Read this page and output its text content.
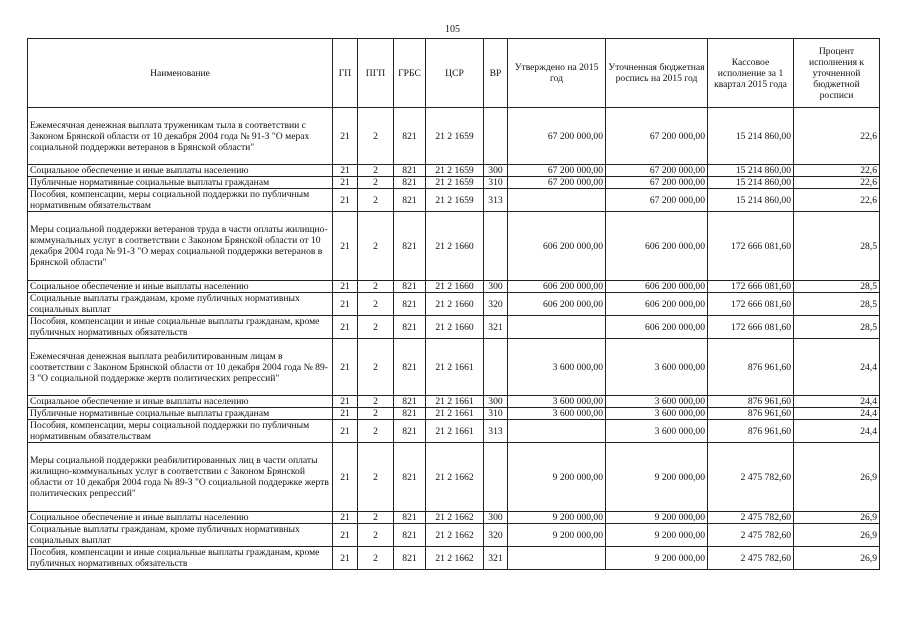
105
Наименование	ГП	ПГП	ГРБС	ЦСР	ВР	Утверждено на 2015 год	Уточненная бюджетная роспись на 2015 год	Кассовое исполнение за 1 квартал 2015 года	Процент исполнения к уточненной бюджетной росписи
Ежемесячная денежная выплата труженикам тыла в соответствии с Законом Брянской области от 10 декабря 2004 года № 91-З "О мерах социальной поддержки ветеранов в Брянской области"	21	2	821	21 2 1659		67 200 000,00	67 200 000,00	15 214 860,00	22,6
Социальное обеспечение и иные выплаты населению	21	2	821	21 2 1659	300	67 200 000,00	67 200 000,00	15 214 860,00	22,6
Публичные нормативные социальные выплаты гражданам	21	2	821	21 2 1659	310	67 200 000,00	67 200 000,00	15 214 860,00	22,6
Пособия, компенсации, меры социальной поддержки по публичным нормативным обязательствам	21	2	821	21 2 1659	313		67 200 000,00	15 214 860,00	22,6
Меры социальной поддержки ветеранов труда в части оплаты жилищно-коммунальных услуг в соответствии с Законом Брянской области от 10 декабря 2004 года № 91-З "О мерах социальной поддержки ветеранов в Брянской области"	21	2	821	21 2 1660		606 200 000,00	606 200 000,00	172 666 081,60	28,5
Социальное обеспечение и иные выплаты населению	21	2	821	21 2 1660	300	606 200 000,00	606 200 000,00	172 666 081,60	28,5
Социальные выплаты гражданам, кроме публичных нормативных социальных выплат	21	2	821	21 2 1660	320	606 200 000,00	606 200 000,00	172 666 081,60	28,5
Пособия, компенсации и иные социальные выплаты гражданам, кроме публичных нормативных обязательств	21	2	821	21 2 1660	321		606 200 000,00	172 666 081,60	28,5
Ежемесячная денежная выплата реабилитированным лицам в соответствии с Законом Брянской области от 10 декабря 2004 года № 89-З "О социальной поддержке жертв политических репрессий"	21	2	821	21 2 1661		3 600 000,00	3 600 000,00	876 961,60	24,4
Социальное обеспечение и иные выплаты населению	21	2	821	21 2 1661	300	3 600 000,00	3 600 000,00	876 961,60	24,4
Публичные нормативные социальные выплаты гражданам	21	2	821	21 2 1661	310	3 600 000,00	3 600 000,00	876 961,60	24,4
Пособия, компенсации, меры социальной поддержки по публичным нормативным обязательствам	21	2	821	21 2 1661	313		3 600 000,00	876 961,60	24,4
Меры социальной поддержки реабилитированных лиц в части оплаты жилищно-коммунальных услуг в соответствии с Законом Брянской области от 10 декабря 2004 года № 89-З "О социальной поддержке жертв политических репрессий"	21	2	821	21 2 1662		9 200 000,00	9 200 000,00	2 475 782,60	26,9
Социальное обеспечение и иные выплаты населению	21	2	821	21 2 1662	300	9 200 000,00	9 200 000,00	2 475 782,60	26,9
Социальные выплаты гражданам, кроме публичных нормативных социальных выплат	21	2	821	21 2 1662	320	9 200 000,00	9 200 000,00	2 475 782,60	26,9
Пособия, компенсации и иные социальные выплаты гражданам, кроме публичных нормативных обязательств	21	2	821	21 2 1662	321		9 200 000,00	2 475 782,60	26,9
